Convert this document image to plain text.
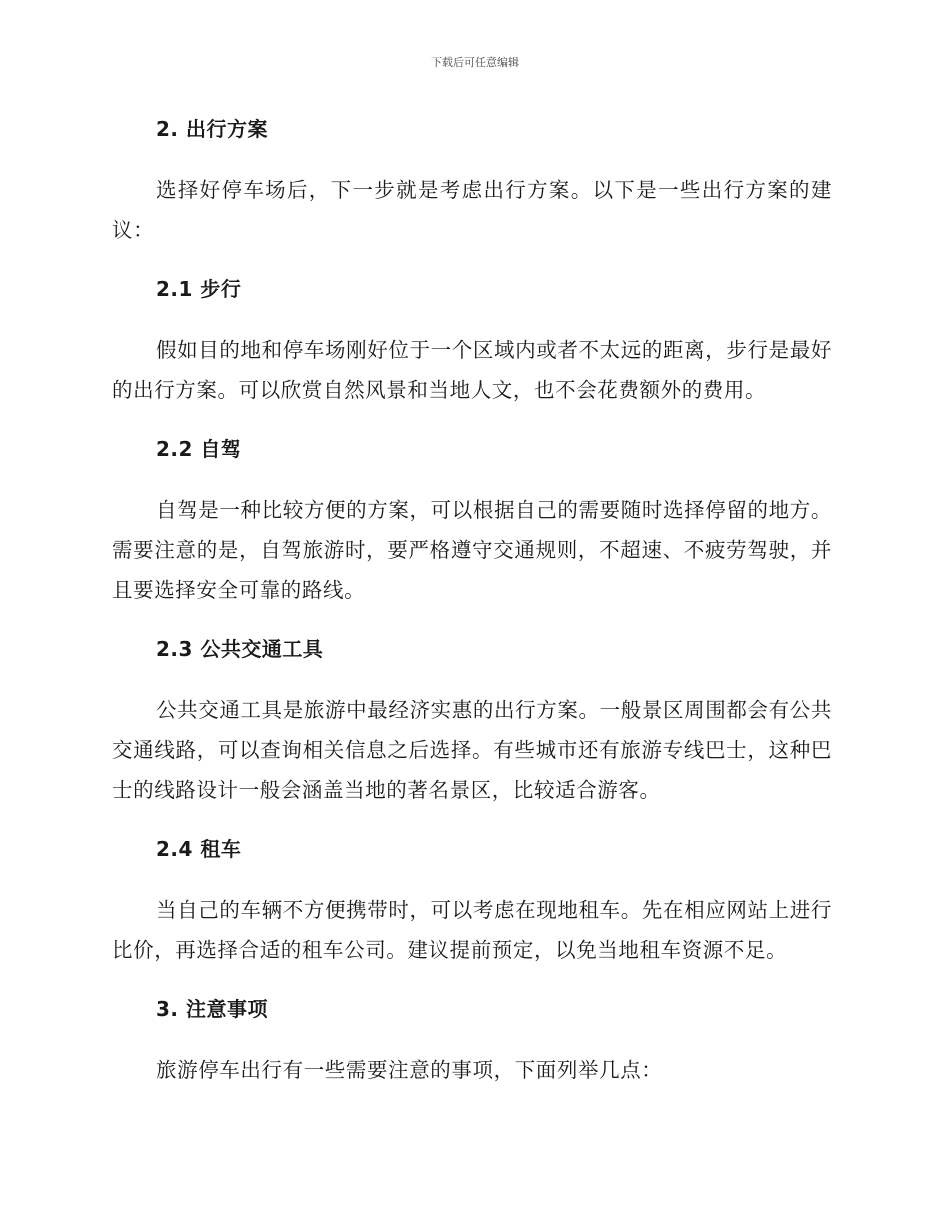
下载后可任意编辑
2. 出行方案

选择好停车场后，下一步就是考虑出行方案。以下是一些出行方案的建议：

2.1 步行

假如目的地和停车场刚好位于一个区域内或者不太远的距离，步行是最好的出行方案。可以欣赏自然风景和当地人文，也不会花费额外的费用。

2.2 自驾

自驾是一种比较方便的方案，可以根据自己的需要随时选择停留的地方。需要注意的是，自驾旅游时，要严格遵守交通规则，不超速、不疲劳驾驶，并且要选择安全可靠的路线。

2.3 公共交通工具

公共交通工具是旅游中最经济实惠的出行方案。一般景区周围都会有公共交通线路，可以查询相关信息之后选择。有些城市还有旅游专线巴士，这种巴士的线路设计一般会涵盖当地的著名景区，比较适合游客。

2.4 租车

当自己的车辆不方便携带时，可以考虑在现地租车。先在相应网站上进行比价，再选择合适的租车公司。建议提前预定，以免当地租车资源不足。

3. 注意事项

旅游停车出行有一些需要注意的事项，下面列举几点：
